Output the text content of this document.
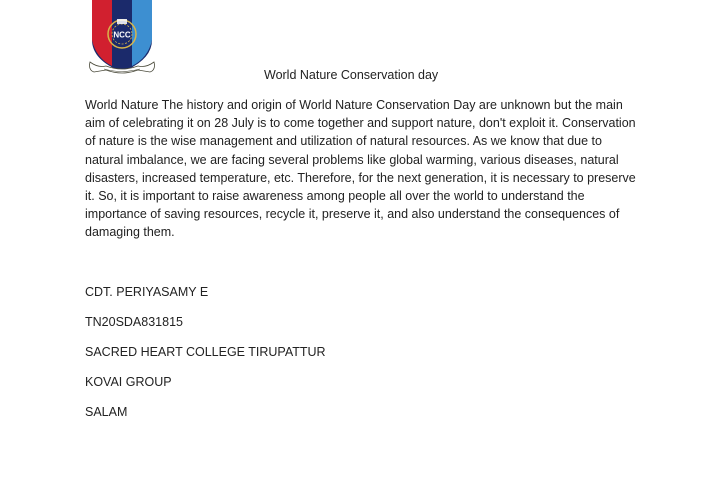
NCC
World Nature Conservation day

World Nature The history and origin of World Nature Conservation Day are unknown but the main aim of celebrating it on 28 July is to come together and support nature, don't exploit it. Conservation of nature is the wise management and utilization of natural resources. As we know that due to natural imbalance, we are facing several problems like global warming, various diseases, natural disasters, increased temperature, etc. Therefore, for the next generation, it is necessary to preserve it. So, it is important to raise awareness among people all over the world to understand the importance of saving resources, recycle it, preserve it, and also understand the consequences of damaging them.

CDT. PERIYASAMY E
TN20SDA831815
SACRED HEART COLLEGE TIRUPATTUR
KOVAI GROUP
SALAM
